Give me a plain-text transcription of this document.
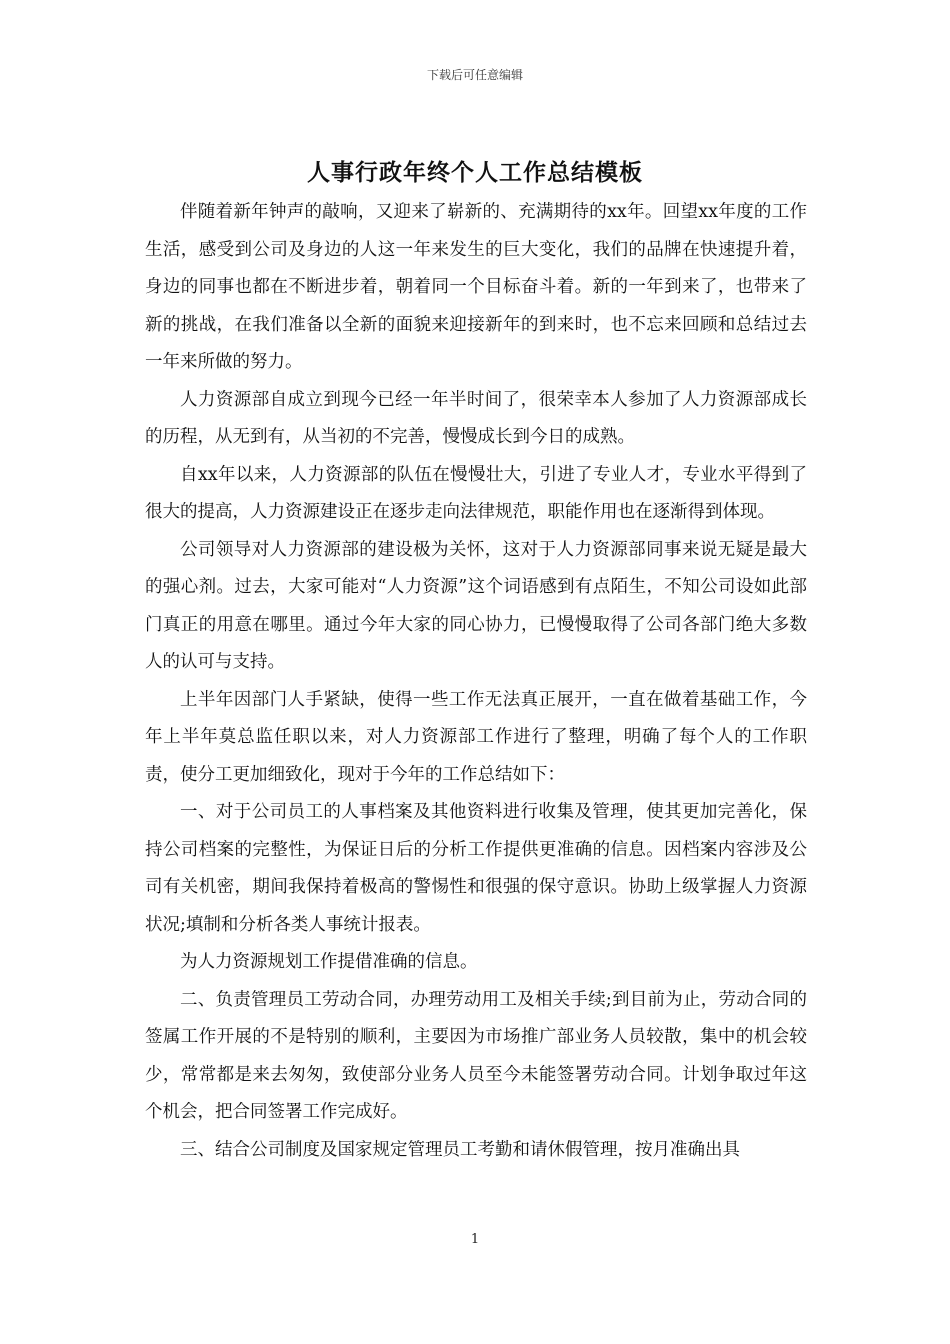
下载后可任意编辑
人事行政年终个人工作总结模板

伴随着新年钟声的敲响，又迎来了崭新的、充满期待的xx年。回望xx年度的工作生活，感受到公司及身边的人这一年来发生的巨大变化，我们的品牌在快速提升着，身边的同事也都在不断进步着，朝着同一个目标奋斗着。新的一年到来了，也带来了新的挑战，在我们准备以全新的面貌来迎接新年的到来时，也不忘来回顾和总结过去一年来所做的努力。

人力资源部自成立到现今已经一年半时间了，很荣幸本人参加了人力资源部成长的历程，从无到有，从当初的不完善，慢慢成长到今日的成熟。

自xx年以来，人力资源部的队伍在慢慢壮大，引进了专业人才，专业水平得到了很大的提高，人力资源建设正在逐步走向法律规范，职能作用也在逐渐得到体现。

公司领导对人力资源部的建设极为关怀，这对于人力资源部同事来说无疑是最大的强心剂。过去，大家可能对“人力资源”这个词语感到有点陌生，不知公司设如此部门真正的用意在哪里。通过今年大家的同心协力，已慢慢取得了公司各部门绝大多数人的认可与支持。

上半年因部门人手紧缺，使得一些工作无法真正展开，一直在做着基础工作，今年上半年莫总监任职以来，对人力资源部工作进行了整理，明确了每个人的工作职责，使分工更加细致化，现对于今年的工作总结如下：

一、对于公司员工的人事档案及其他资料进行收集及管理，使其更加完善化，保持公司档案的完整性，为保证日后的分析工作提供更准确的信息。因档案内容涉及公司有关机密，期间我保持着极高的警惕性和很强的保守意识。协助上级掌握人力资源状况;填制和分析各类人事统计报表。

为人力资源规划工作提借准确的信息。

二、负责管理员工劳动合同，办理劳动用工及相关手续;到目前为止，劳动合同的签属工作开展的不是特别的顺利，主要因为市场推广部业务人员较散，集中的机会较少，常常都是来去匆匆，致使部分业务人员至今未能签署劳动合同。计划争取过年这个机会，把合同签署工作完成好。

三、结合公司制度及国家规定管理员工考勤和请休假管理，按月准确出具

1
